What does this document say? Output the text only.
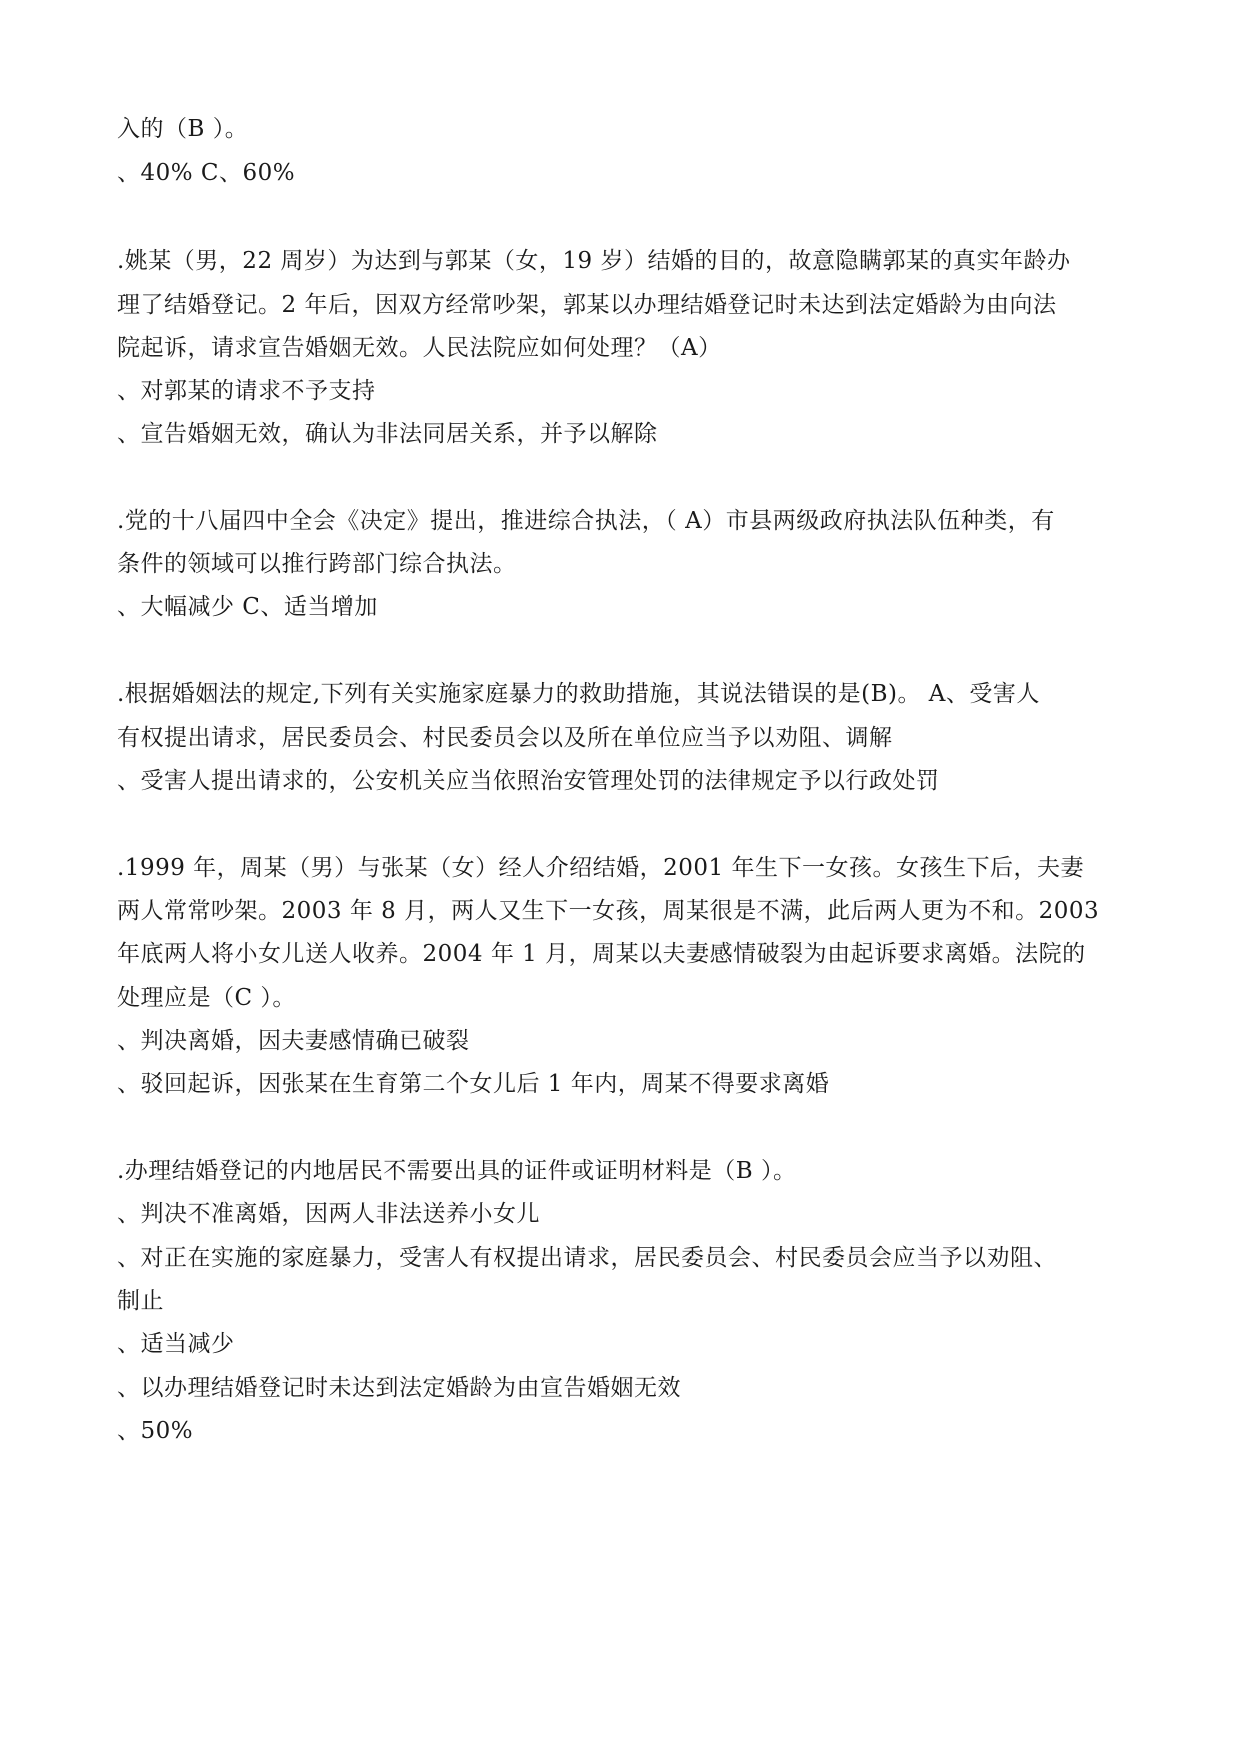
入的（B ）。
、40% C、60%
.姚某（男，22 周岁）为达到与郭某（女，19 岁）结婚的目的，故意隐瞒郭某的真实年龄办
理了结婚登记。2 年后，因双方经常吵架，郭某以办理结婚登记时未达到法定婚龄为由向法
院起诉，请求宣告婚姻无效。人民法院应如何处理？（A）
、对郭某的请求不予支持
、宣告婚姻无效，确认为非法同居关系，并予以解除
.党的十八届四中全会《决定》提出，推进综合执法，（ A）市县两级政府执法队伍种类，有
条件的领域可以推行跨部门综合执法。
、大幅减少 C、适当增加
.根据婚姻法的规定,下列有关实施家庭暴力的救助措施，其说法错误的是(B)。 A、受害人
有权提出请求，居民委员会、村民委员会以及所在单位应当予以劝阻、调解
、受害人提出请求的，公安机关应当依照治安管理处罚的法律规定予以行政处罚
.1999 年，周某（男）与张某（女）经人介绍结婚，2001 年生下一女孩。女孩生下后，夫妻
两人常常吵架。2003 年 8 月，两人又生下一女孩，周某很是不满，此后两人更为不和。2003
年底两人将小女儿送人收养。2004 年 1 月，周某以夫妻感情破裂为由起诉要求离婚。法院的
处理应是（C ）。
、判决离婚，因夫妻感情确已破裂
、驳回起诉，因张某在生育第二个女儿后 1 年内，周某不得要求离婚
.办理结婚登记的内地居民不需要出具的证件或证明材料是（B ）。
、判决不准离婚，因两人非法送养小女儿
、对正在实施的家庭暴力，受害人有权提出请求，居民委员会、村民委员会应当予以劝阻、
制止
、适当减少
、以办理结婚登记时未达到法定婚龄为由宣告婚姻无效
、50%
